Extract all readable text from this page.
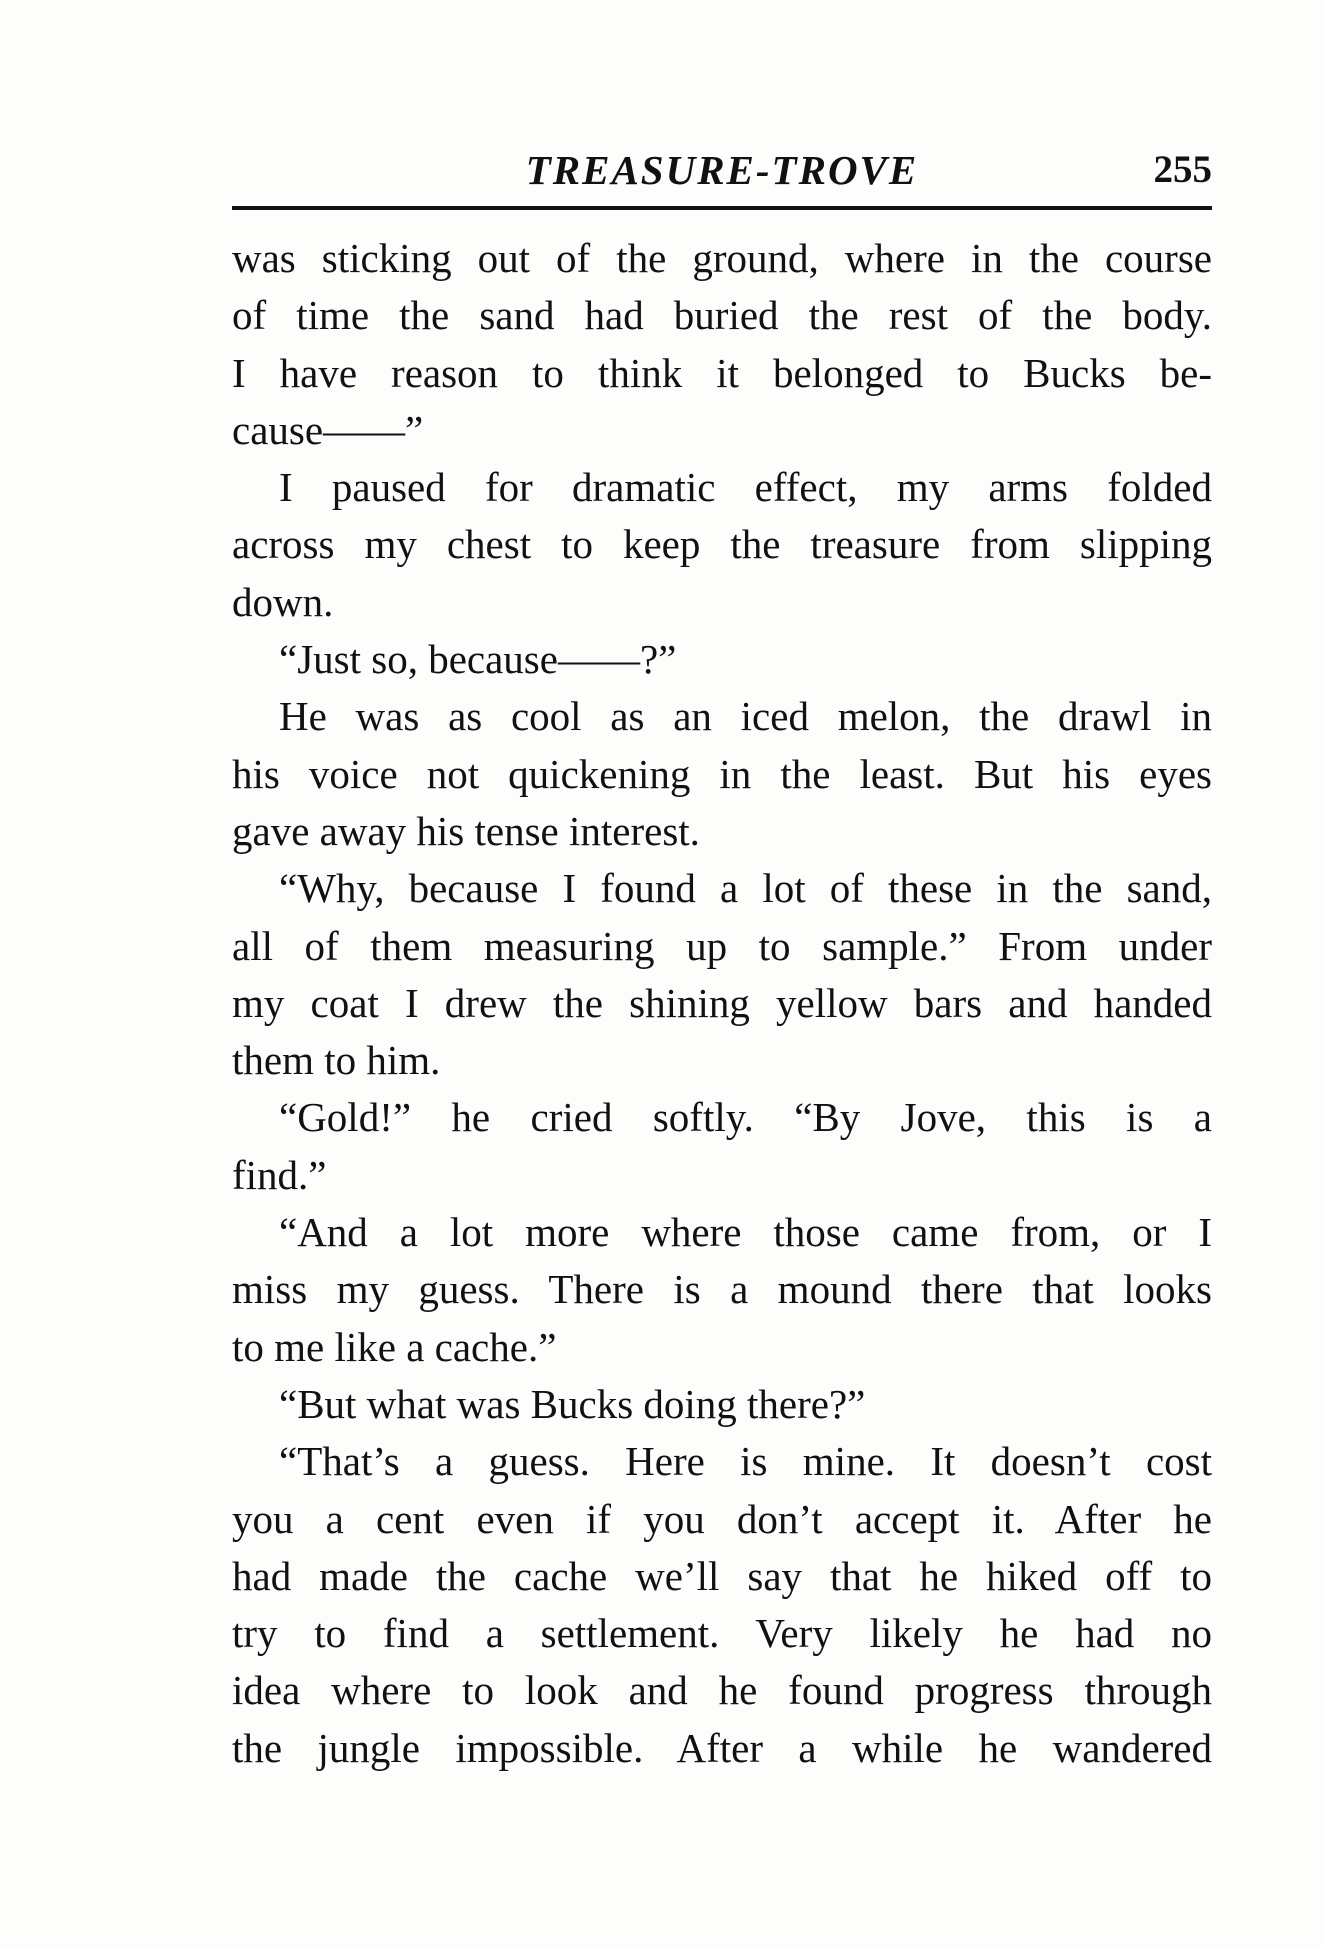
TREASURE-TROVE	255
was sticking out of the ground, where in the course
of time the sand had buried the rest of the body.
I have reason to think it belonged to Bucks be-
cause——”
I paused for dramatic effect, my arms folded
across my chest to keep the treasure from slipping
down.
“Just so, because——?”
He was as cool as an iced melon, the drawl in
his voice not quickening in the least. But his eyes
gave away his tense interest.
“Why, because I found a lot of these in the sand,
all of them measuring up to sample.” From under
my coat I drew the shining yellow bars and handed
them to him.
“Gold!” he cried softly. “By Jove, this is a
find.”
“And a lot more where those came from, or I
miss my guess. There is a mound there that looks
to me like a cache.”
“But what was Bucks doing there?”
“That’s a guess. Here is mine. It doesn’t cost
you a cent even if you don’t accept it. After he
had made the cache we’ll say that he hiked off to
try to find a settlement. Very likely he had no
idea where to look and he found progress through
the jungle impossible. After a while he wandered
